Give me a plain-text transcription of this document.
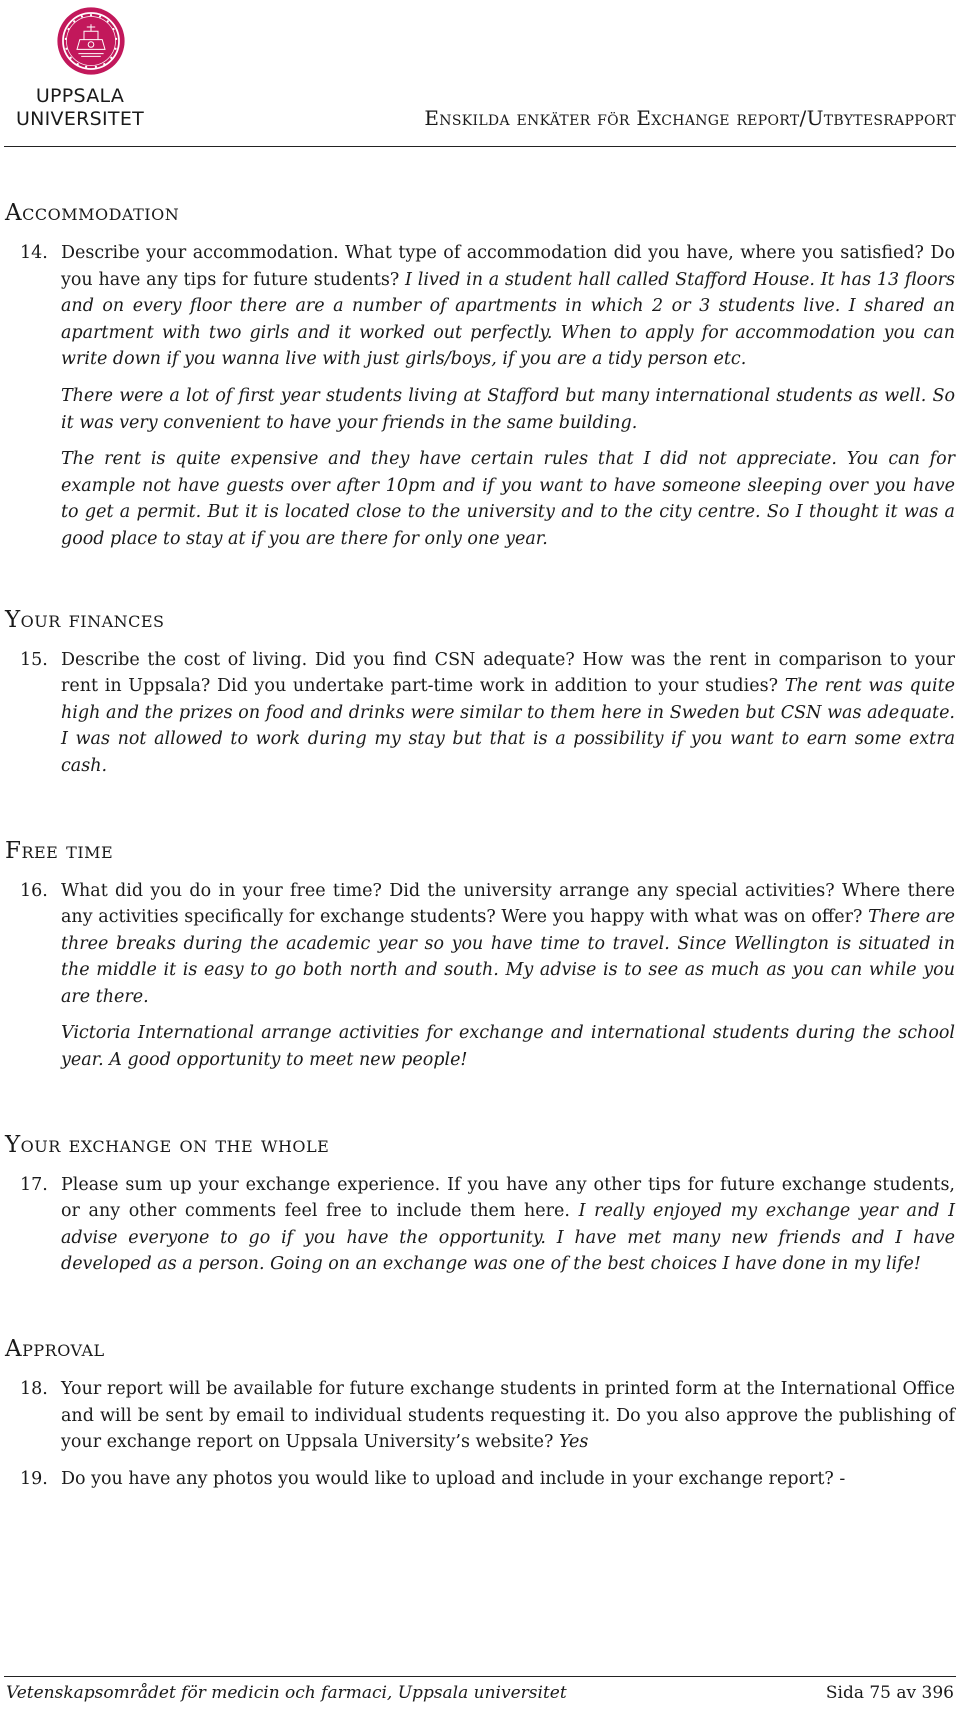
UPPSALA
UNIVERSITET	Enskilda enkäter för Exchange report/Utbytesrapport
Accommodation
14. Describe your accommodation. What type of accommodation did you have, where you satisfied? Do you have any tips for future students? I lived in a student hall called Stafford House. It has 13 floors and on every floor there are a number of apartments in which 2 or 3 students live. I shared an apartment with two girls and it worked out perfectly. When to apply for accommodation you can write down if you wanna live with just girls/boys, if you are a tidy person etc.

There were a lot of first year students living at Stafford but many international students as well. So it was very convenient to have your friends in the same building.

The rent is quite expensive and they have certain rules that I did not appreciate. You can for example not have guests over after 10pm and if you want to have someone sleeping over you have to get a permit. But it is located close to the university and to the city centre. So I thought it was a good place to stay at if you are there for only one year.

Your finances
15. Describe the cost of living. Did you find CSN adequate? How was the rent in comparison to your rent in Uppsala? Did you undertake part-time work in addition to your studies? The rent was quite high and the prizes on food and drinks were similar to them here in Sweden but CSN was adequate. I was not allowed to work during my stay but that is a possibility if you want to earn some extra cash.

Free time
16. What did you do in your free time? Did the university arrange any special activities? Where there any activities specifically for exchange students? Were you happy with what was on offer? There are three breaks during the academic year so you have time to travel. Since Wellington is situated in the middle it is easy to go both north and south. My advise is to see as much as you can while you are there.

Victoria International arrange activities for exchange and international students during the school year. A good opportunity to meet new people!

Your exchange on the whole
17. Please sum up your exchange experience. If you have any other tips for future exchange students, or any other comments feel free to include them here. I really enjoyed my exchange year and I advise everyone to go if you have the opportunity. I have met many new friends and I have developed as a person. Going on an exchange was one of the best choices I have done in my life!

Approval
18. Your report will be available for future exchange students in printed form at the International Office and will be sent by email to individual students requesting it. Do you also approve the publishing of your exchange report on Uppsala University’s website? Yes

19. Do you have any photos you would like to upload and include in your exchange report? -

Vetenskapsområdet för medicin och farmaci, Uppsala universitet	Sida 75 av 396
